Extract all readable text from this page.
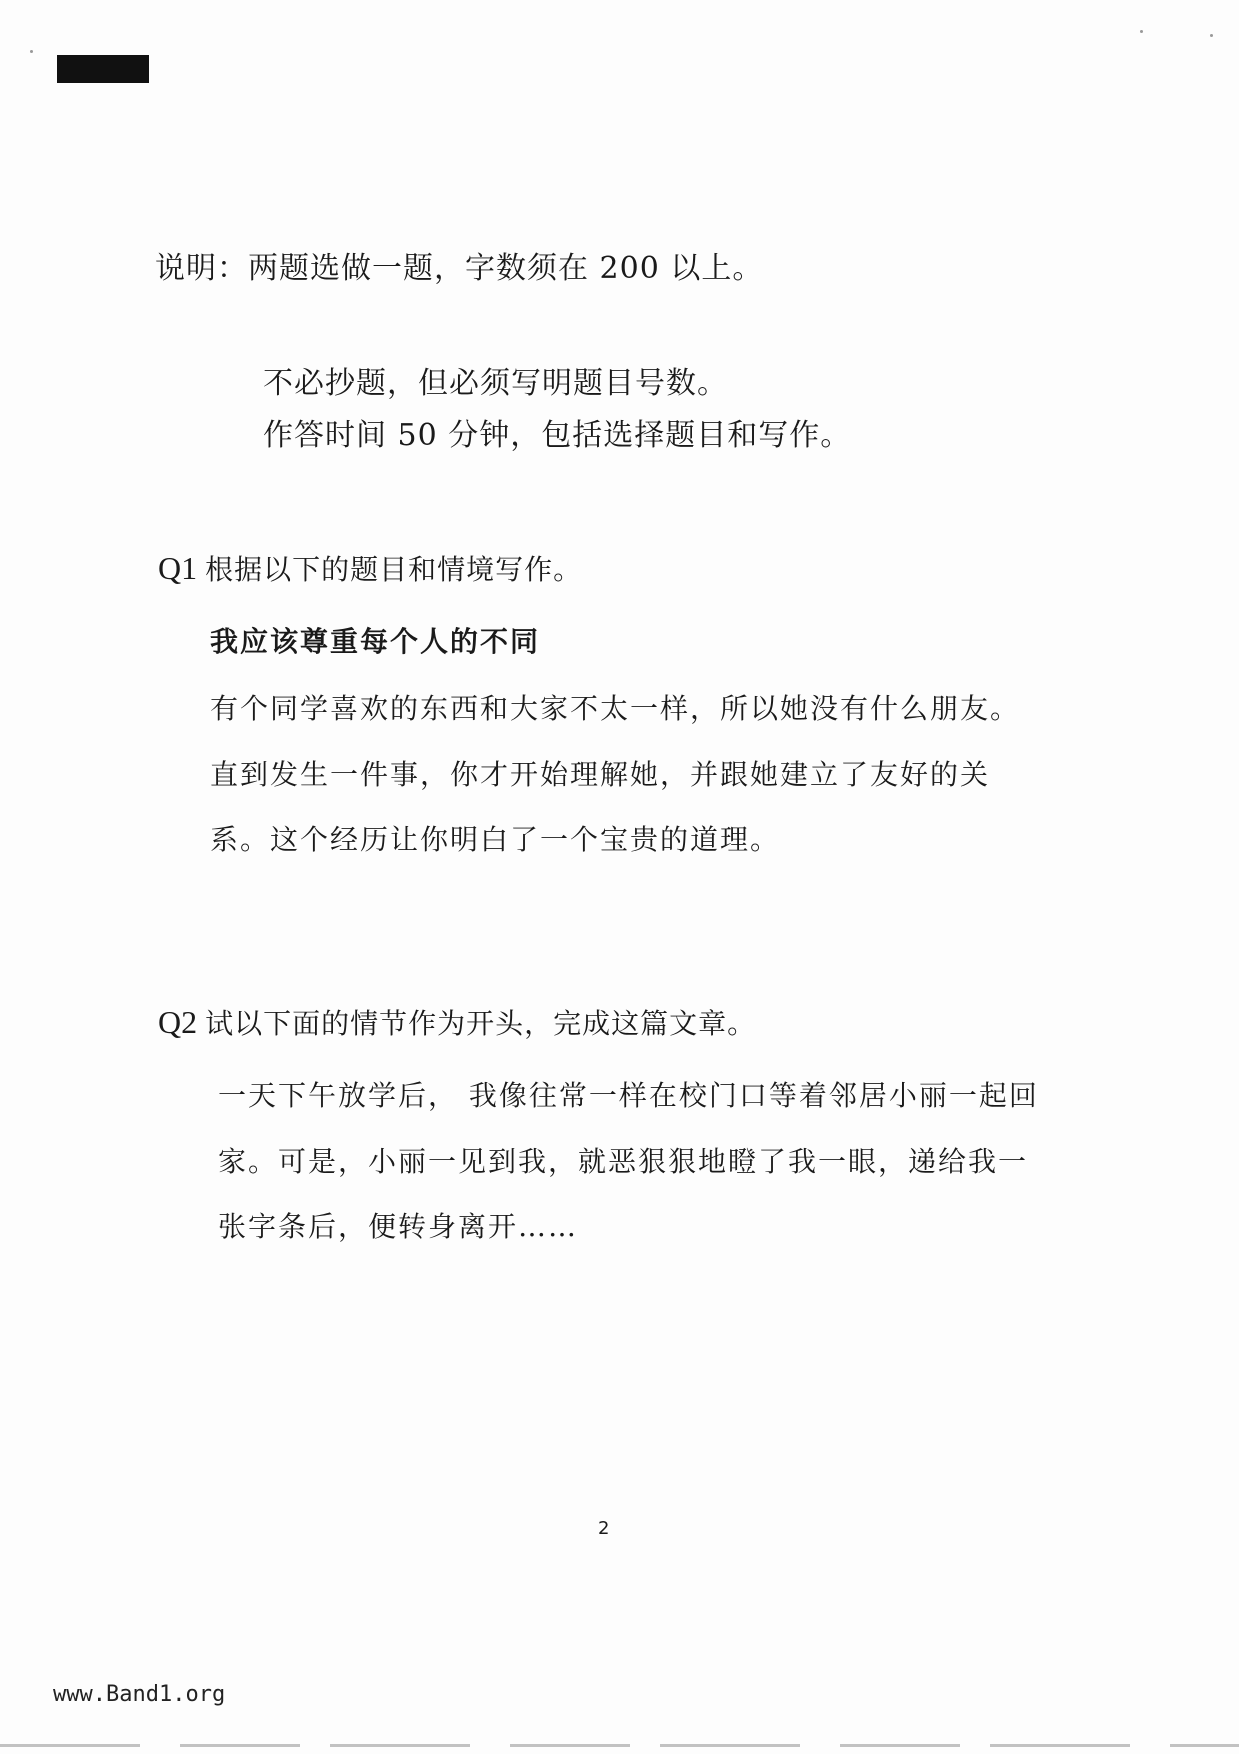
说明：两题选做一题，字数须在 200 以上。
不必抄题，但必须写明题目号数。
作答时间 50 分钟，包括选择题目和写作。
Q1 根据以下的题目和情境写作。
我应该尊重每个人的不同
有个同学喜欢的东西和大家不太一样，所以她没有什么朋友。
直到发生一件事，你才开始理解她，并跟她建立了友好的关
系。这个经历让你明白了一个宝贵的道理。
Q2 试以下面的情节作为开头，完成这篇文章。
一天下午放学后， 我像往常一样在校门口等着邻居小丽一起回
家。可是，小丽一见到我，就恶狠狠地瞪了我一眼，递给我一
张字条后，便转身离开……
2
www.Band1.org
